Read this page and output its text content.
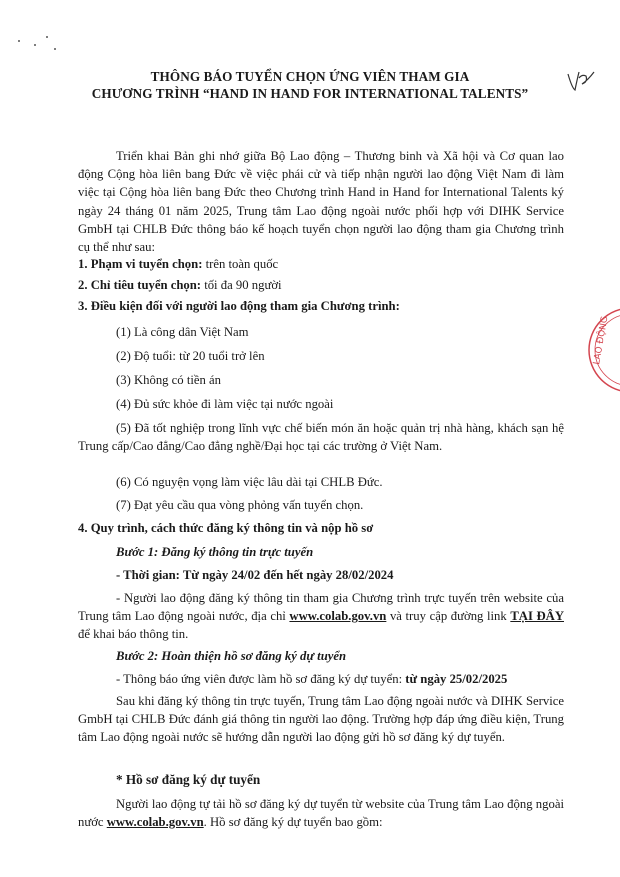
THÔNG BÁO TUYỂN CHỌN ỨNG VIÊN THAM GIA
CHƯƠNG TRÌNH “HAND IN HAND FOR INTERNATIONAL TALENTS”
LAO ĐỘNG
Triển khai Bản ghi nhớ giữa Bộ Lao động – Thương binh và Xã hội và Cơ quan lao động Cộng hòa liên bang Đức về việc phái cử và tiếp nhận người lao động Việt Nam đi làm việc tại Cộng hòa liên bang Đức theo Chương trình Hand in Hand for International Talents ký ngày 24 tháng 01 năm 2025, Trung tâm Lao động ngoài nước phối hợp với DIHK Service GmbH tại CHLB Đức thông báo kế hoạch tuyển chọn người lao động tham gia Chương trình cụ thể như sau:
1. Phạm vi tuyển chọn: trên toàn quốc
2. Chỉ tiêu tuyển chọn: tối đa 90 người
3. Điều kiện đối với người lao động tham gia Chương trình:
(1) Là công dân Việt Nam
(2) Độ tuổi: từ 20 tuổi trở lên
(3) Không có tiền án
(4) Đủ sức khỏe đi làm việc tại nước ngoài
(5) Đã tốt nghiệp trong lĩnh vực chế biến món ăn hoặc quản trị nhà hàng, khách sạn hệ Trung cấp/Cao đẳng/Cao đẳng nghề/Đại học tại các trường ở Việt Nam.
(6) Có nguyện vọng làm việc lâu dài tại CHLB Đức.
(7) Đạt yêu cầu qua vòng phỏng vấn tuyển chọn.
4. Quy trình, cách thức đăng ký thông tin và nộp hồ sơ
Bước 1: Đăng ký thông tin trực tuyến
- Thời gian: Từ ngày 24/02 đến hết ngày 28/02/2024
- Người lao động đăng ký thông tin tham gia Chương trình trực tuyến trên website của Trung tâm Lao động ngoài nước, địa chỉ www.colab.gov.vn và truy cập đường link TẠI ĐÂY để khai báo thông tin.
Bước 2: Hoàn thiện hồ sơ đăng ký dự tuyển
- Thông báo ứng viên được làm hồ sơ đăng ký dự tuyển: từ ngày 25/02/2025
Sau khi đăng ký thông tin trực tuyến, Trung tâm Lao động ngoài nước và DIHK Service GmbH tại CHLB Đức đánh giá thông tin người lao động. Trường hợp đáp ứng điều kiện, Trung tâm Lao động ngoài nước sẽ hướng dẫn người lao động gửi hồ sơ đăng ký dự tuyển.
* Hồ sơ đăng ký dự tuyển
Người lao động tự tải hồ sơ đăng ký dự tuyển từ website của Trung tâm Lao động ngoài nước www.colab.gov.vn. Hồ sơ đăng ký dự tuyển bao gồm:
